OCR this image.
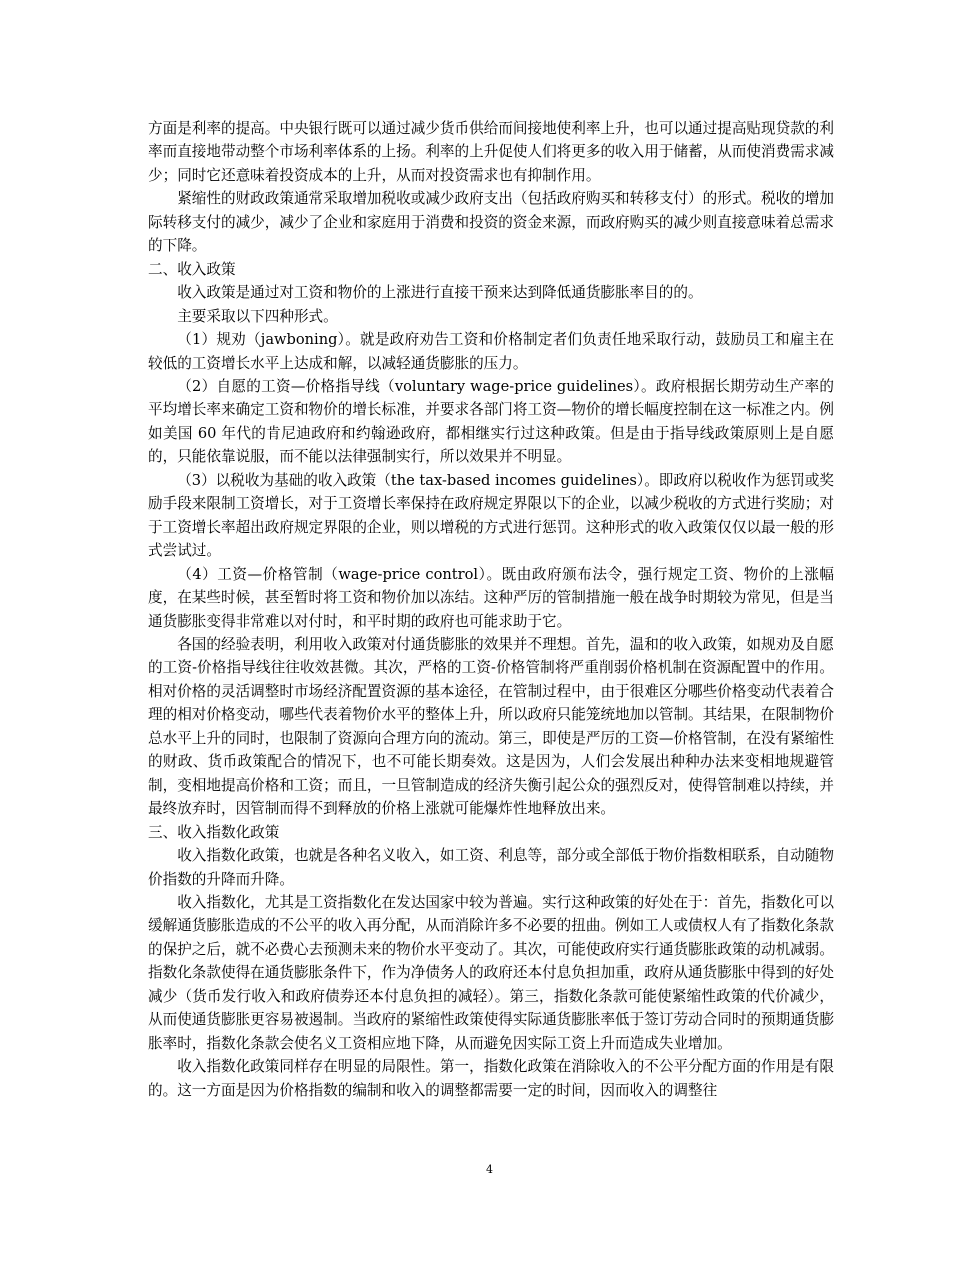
方面是利率的提高。中央银行既可以通过减少货币供给而间接地使利率上升，也可以通过提高贴现贷款的利率而直接地带动整个市场利率体系的上扬。利率的上升促使人们将更多的收入用于储蓄，从而使消费需求减少；同时它还意味着投资成本的上升，从而对投资需求也有抑制作用。

紧缩性的财政政策通常采取增加税收或减少政府支出（包括政府购买和转移支付）的形式。税收的增加际转移支付的减少，减少了企业和家庭用于消费和投资的资金来源，而政府购买的减少则直接意味着总需求的下降。

二、收入政策

收入政策是通过对工资和物价的上涨进行直接干预来达到降低通货膨胀率目的的。

主要采取以下四种形式。

（1）规劝（jawboning）。就是政府劝告工资和价格制定者们负责任地采取行动，鼓励员工和雇主在较低的工资增长水平上达成和解，以减轻通货膨胀的压力。

（2）自愿的工资—价格指导线（voluntary wage-price guidelines）。政府根据长期劳动生产率的平均增长率来确定工资和物价的增长标准，并要求各部门将工资—物价的增长幅度控制在这一标准之内。例如美国 60 年代的肯尼迪政府和约翰逊政府，都相继实行过这种政策。但是由于指导线政策原则上是自愿的，只能依靠说服，而不能以法律强制实行，所以效果并不明显。

（3）以税收为基础的收入政策（the tax-based incomes guidelines）。即政府以税收作为惩罚或奖励手段来限制工资增长，对于工资增长率保持在政府规定界限以下的企业，以减少税收的方式进行奖励；对于工资增长率超出政府规定界限的企业，则以增税的方式进行惩罚。这种形式的收入政策仅仅以最一般的形式尝试过。

（4）工资—价格管制（wage-price control）。既由政府颁布法令，强行规定工资、物价的上涨幅度，在某些时候，甚至暂时将工资和物价加以冻结。这种严厉的管制措施一般在战争时期较为常见，但是当通货膨胀变得非常难以对付时，和平时期的政府也可能求助于它。

各国的经验表明，利用收入政策对付通货膨胀的效果并不理想。首先，温和的收入政策，如规劝及自愿的工资-价格指导线往往收效甚微。其次，严格的工资-价格管制将严重削弱价格机制在资源配置中的作用。相对价格的灵活调整时市场经济配置资源的基本途径，在管制过程中，由于很难区分哪些价格变动代表着合理的相对价格变动，哪些代表着物价水平的整体上升，所以政府只能笼统地加以管制。其结果，在限制物价总水平上升的同时，也限制了资源向合理方向的流动。第三，即使是严厉的工资—价格管制，在没有紧缩性的财政、货币政策配合的情况下，也不可能长期奏效。这是因为，人们会发展出种种办法来变相地规避管制，变相地提高价格和工资；而且，一旦管制造成的经济失衡引起公众的强烈反对，使得管制难以持续，并最终放弃时，因管制而得不到释放的价格上涨就可能爆炸性地释放出来。

三、收入指数化政策

收入指数化政策，也就是各种名义收入，如工资、利息等，部分或全部低于物价指数相联系，自动随物价指数的升降而升降。

收入指数化，尤其是工资指数化在发达国家中较为普遍。实行这种政策的好处在于：首先，指数化可以缓解通货膨胀造成的不公平的收入再分配，从而消除许多不必要的扭曲。例如工人或债权人有了指数化条款的保护之后，就不必费心去预测未来的物价水平变动了。其次，可能使政府实行通货膨胀政策的动机减弱。指数化条款使得在通货膨胀条件下，作为净债务人的政府还本付息负担加重，政府从通货膨胀中得到的好处减少（货币发行收入和政府债券还本付息负担的减轻）。第三，指数化条款可能使紧缩性政策的代价减少，从而使通货膨胀更容易被遏制。当政府的紧缩性政策使得实际通货膨胀率低于签订劳动合同时的预期通货膨胀率时，指数化条款会使名义工资相应地下降，从而避免因实际工资上升而造成失业增加。

收入指数化政策同样存在明显的局限性。第一，指数化政策在消除收入的不公平分配方面的作用是有限的。这一方面是因为价格指数的编制和收入的调整都需要一定的时间，因而收入的调整往

4
